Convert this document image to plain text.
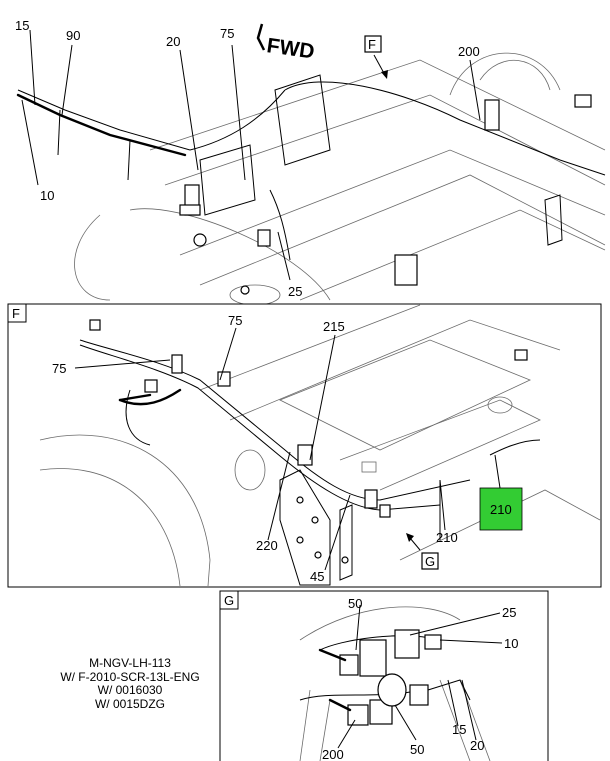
15
90	20
75
200
10
25
FWD	F
F	75	215
75
220
45
210
210
G
G	50
25
10
200	50
15
20
M-NGV-LH-113
W/ F-2010-SCR-13L-ENG
W/ 0016030
W/ 0015DZG
